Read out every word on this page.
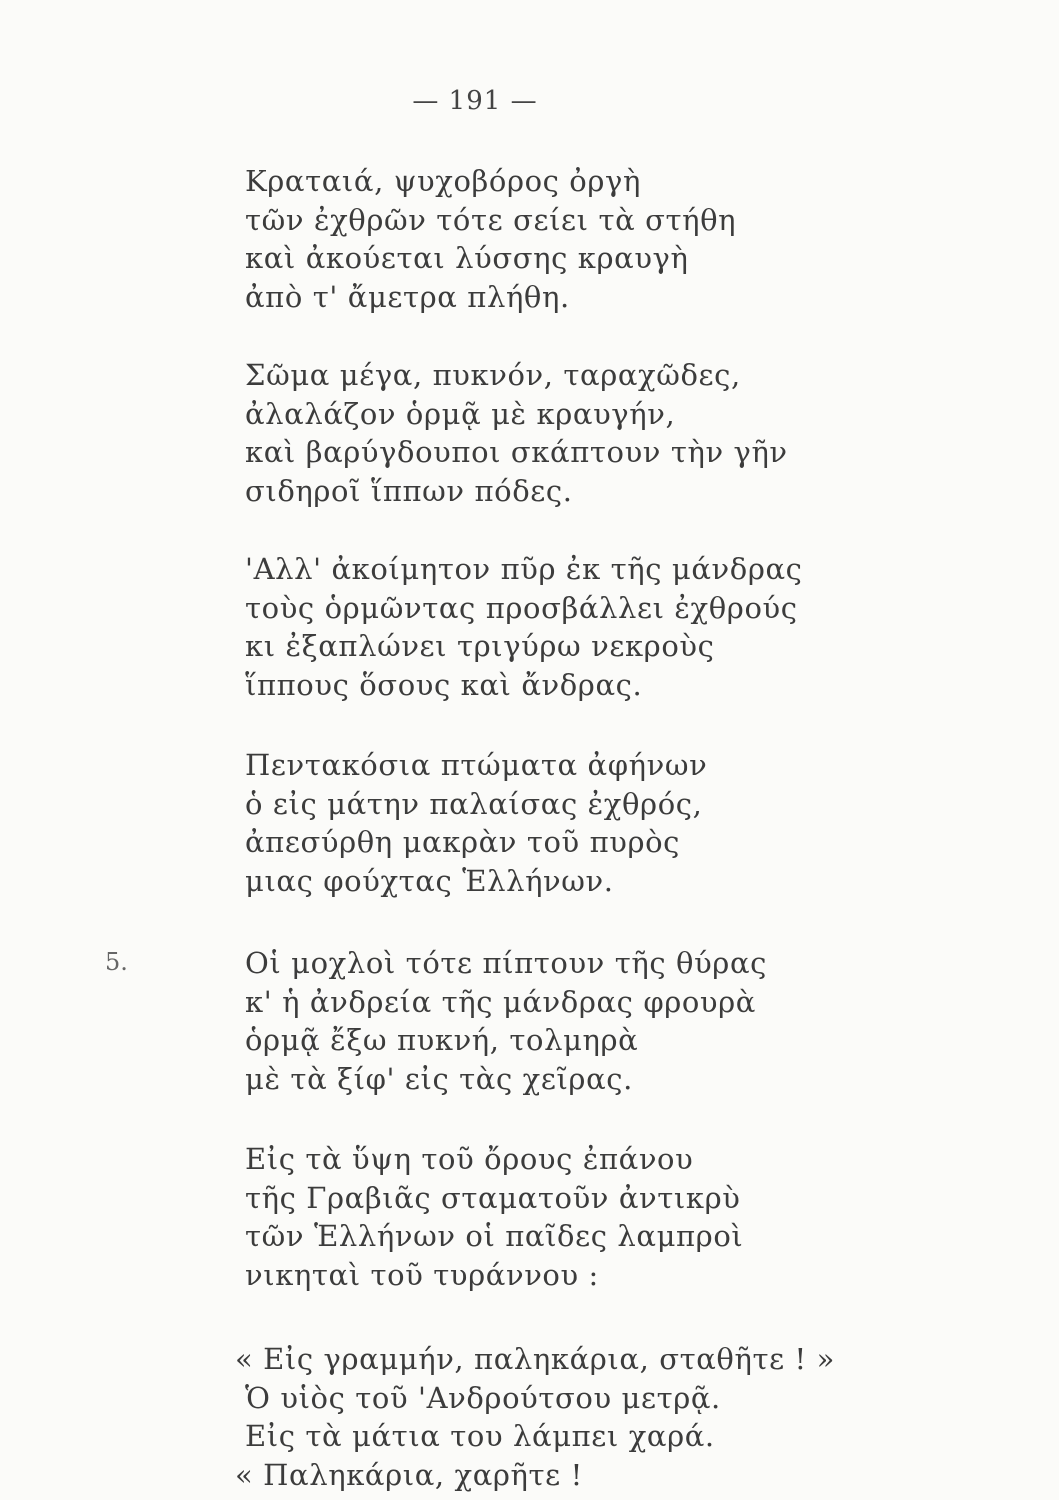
— 191 —
Κραταιά, ψυχοβόρος ὀργὴ
τῶν ἐχθρῶν τότε σείει τὰ στήθη
καὶ ἀκούεται λύσσης κραυγὴ
ἀπὸ τ' ἄμετρα πλήθη.
Σῶμα μέγα, πυκνόν, ταραχῶδες,
ἀλαλάζον ὁρμᾷ μὲ κραυγήν,
καὶ βαρύγδουποι σκάπτουν τὴν γῆν
σιδηροῖ ἵππων πόδες.
'Αλλ' ἀκοίμητον πῦρ ἐκ τῆς μάνδρας
τοὺς ὁρμῶντας προσβάλλει ἐχθρούς
κι ἐξαπλώνει τριγύρω νεκροὺς
ἵππους ὅσους καὶ ἄνδρας.
Πεντακόσια πτώματα ἀφήνων
ὁ εἰς μάτην παλαίσας ἐχθρός,
ἀπεσύρθη μακρὰν τοῦ πυρὸς
μιας φούχτας Ἑλλήνων.
5.	Οἱ μοχλοὶ τότε πίπτουν τῆς θύρας
κ' ἡ ἀνδρεία τῆς μάνδρας φρουρὰ
ὁρμᾷ ἔξω πυκνή, τολμηρὰ
μὲ τὰ ξίφ' εἰς τὰς χεῖρας.
Εἰς τὰ ὕψη τοῦ ὄρους ἐπάνου
τῆς Γραβιᾶς σταματοῦν ἀντικρὺ
τῶν Ἑλλήνων οἱ παῖδες λαμπροὶ
νικηταὶ τοῦ τυράννου :
« Εἰς γραμμήν, παληκάρια, σταθῆτε ! »
Ὁ υἱὸς τοῦ 'Ανδρούτσου μετρᾷ.
Εἰς τὰ μάτια του λάμπει χαρά.
« Παληκάρια, χαρῆτε !
